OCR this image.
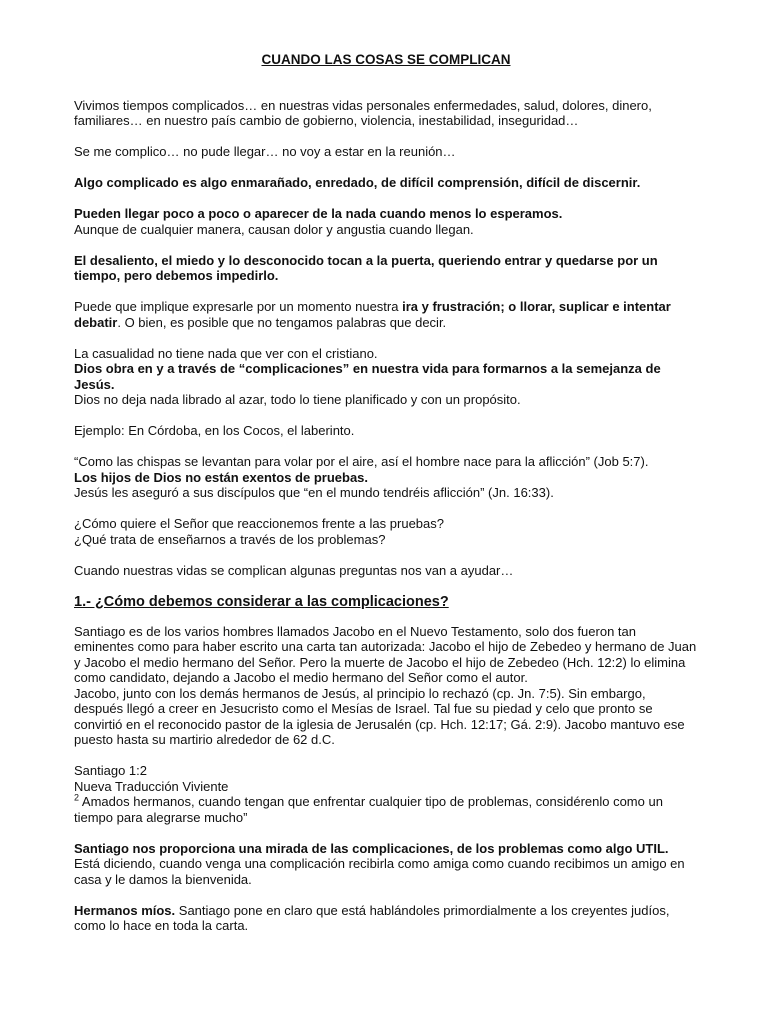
CUANDO LAS COSAS SE COMPLICAN

Vivimos tiempos complicados… en nuestras vidas personales enfermedades, salud, dolores, dinero, familiares… en nuestro país cambio de gobierno, violencia, inestabilidad, inseguridad…

Se me complico… no pude llegar… no voy a estar en la reunión…

Algo complicado es algo enmarañado, enredado, de difícil comprensión, difícil de discernir.

Pueden llegar poco a poco o aparecer de la nada cuando menos lo esperamos.
Aunque de cualquier manera, causan dolor y angustia cuando llegan.

El desaliento, el miedo y lo desconocido tocan a la puerta, queriendo entrar y quedarse por un tiempo, pero debemos impedirlo.

Puede que implique expresarle por un momento nuestra ira y frustración; o llorar, suplicar e intentar debatir. O bien, es posible que no tengamos palabras que decir.

La casualidad no tiene nada que ver con el cristiano.
Dios obra en y a través de “complicaciones” en nuestra vida para formarnos a la semejanza de Jesús.
Dios no deja nada librado al azar, todo lo tiene planificado y con un propósito.

Ejemplo: En Córdoba, en los Cocos, el laberinto.

“Como las chispas se levantan para volar por el aire, así el hombre nace para la aflicción” (Job 5:7).
Los hijos de Dios no están exentos de pruebas.
Jesús les aseguró a sus discípulos que “en el mundo tendréis aflicción” (Jn. 16:33).

¿Cómo quiere el Señor que reaccionemos frente a las pruebas?
¿Qué trata de enseñarnos a través de los problemas?

Cuando nuestras vidas se complican algunas preguntas nos van a ayudar…

1.- ¿Cómo debemos considerar a las complicaciones?

Santiago es de los varios hombres llamados Jacobo en el Nuevo Testamento, solo dos fueron tan eminentes como para haber escrito una carta tan autorizada: Jacobo el hijo de Zebedeo y hermano de Juan y Jacobo el medio hermano del Señor. Pero la muerte de Jacobo el hijo de Zebedeo (Hch. 12:2) lo elimina como candidato, dejando a Jacobo el medio hermano del Señor como el autor.
Jacobo, junto con los demás hermanos de Jesús, al principio lo rechazó (cp. Jn. 7:5). Sin embargo, después llegó a creer en Jesucristo como el Mesías de Israel. Tal fue su piedad y celo que pronto se convirtió en el reconocido pastor de la iglesia de Jerusalén (cp. Hch. 12:17; Gá. 2:9). Jacobo mantuvo ese puesto hasta su martirio alrededor de 62 d.C.

Santiago 1:2
Nueva Traducción Viviente
$^2$ Amados hermanos, cuando tengan que enfrentar cualquier tipo de problemas, considérenlo como un tiempo para alegrarse mucho”

Santiago nos proporciona una mirada de las complicaciones, de los problemas como algo UTIL. Está diciendo, cuando venga una complicación recibirla como amiga como cuando recibimos un amigo en casa y le damos la bienvenida.

Hermanos míos. Santiago pone en claro que está hablándoles primordialmente a los creyentes judíos, como lo hace en toda la carta.
